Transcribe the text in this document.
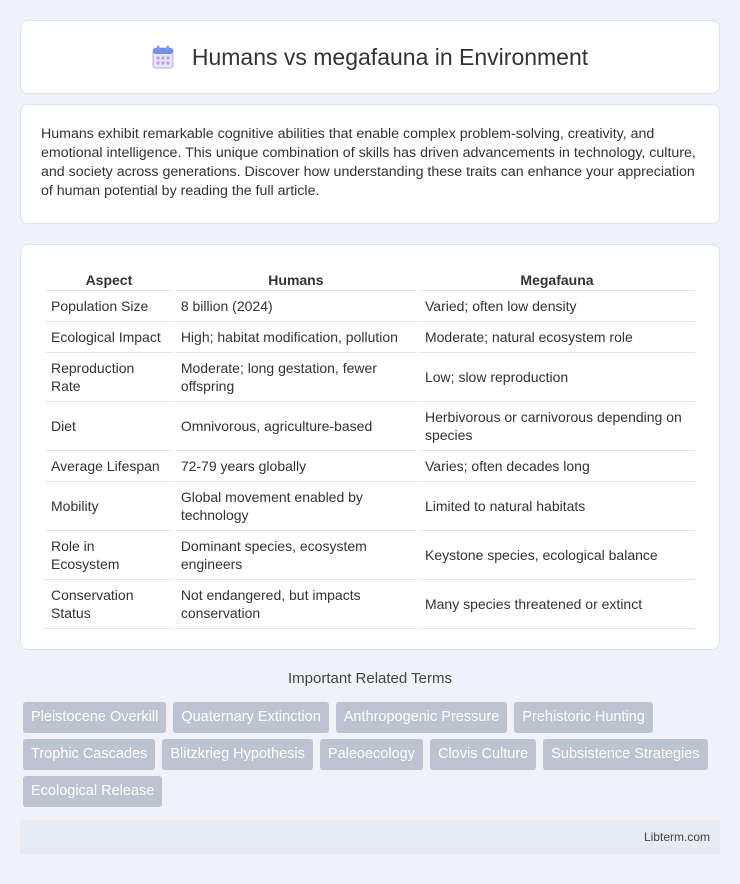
Humans vs megafauna in Environment

Humans exhibit remarkable cognitive abilities that enable complex problem-solving, creativity, and emotional intelligence. This unique combination of skills has driven advancements in technology, culture, and society across generations. Discover how understanding these traits can enhance your appreciation of human potential by reading the full article.

Aspect	Humans	Megafauna
Population Size	8 billion (2024)	Varied; often low density
Ecological Impact	High; habitat modification, pollution	Moderate; natural ecosystem role
Reproduction Rate	Moderate; long gestation, fewer offspring	Low; slow reproduction
Diet	Omnivorous, agriculture-based	Herbivorous or carnivorous depending on species
Average Lifespan	72-79 years globally	Varies; often decades long
Mobility	Global movement enabled by technology	Limited to natural habitats
Role in Ecosystem	Dominant species, ecosystem engineers	Keystone species, ecological balance
Conservation Status	Not endangered, but impacts conservation	Many species threatened or extinct
Important Related Terms
Pleistocene Overkill	Quaternary Extinction	Anthropogenic Pressure	Prehistoric Hunting
Trophic Cascades	Blitzkrieg Hypothesis	Paleoecology	Clovis Culture	Subsistence Strategies
Ecological Release
Libterm.com
